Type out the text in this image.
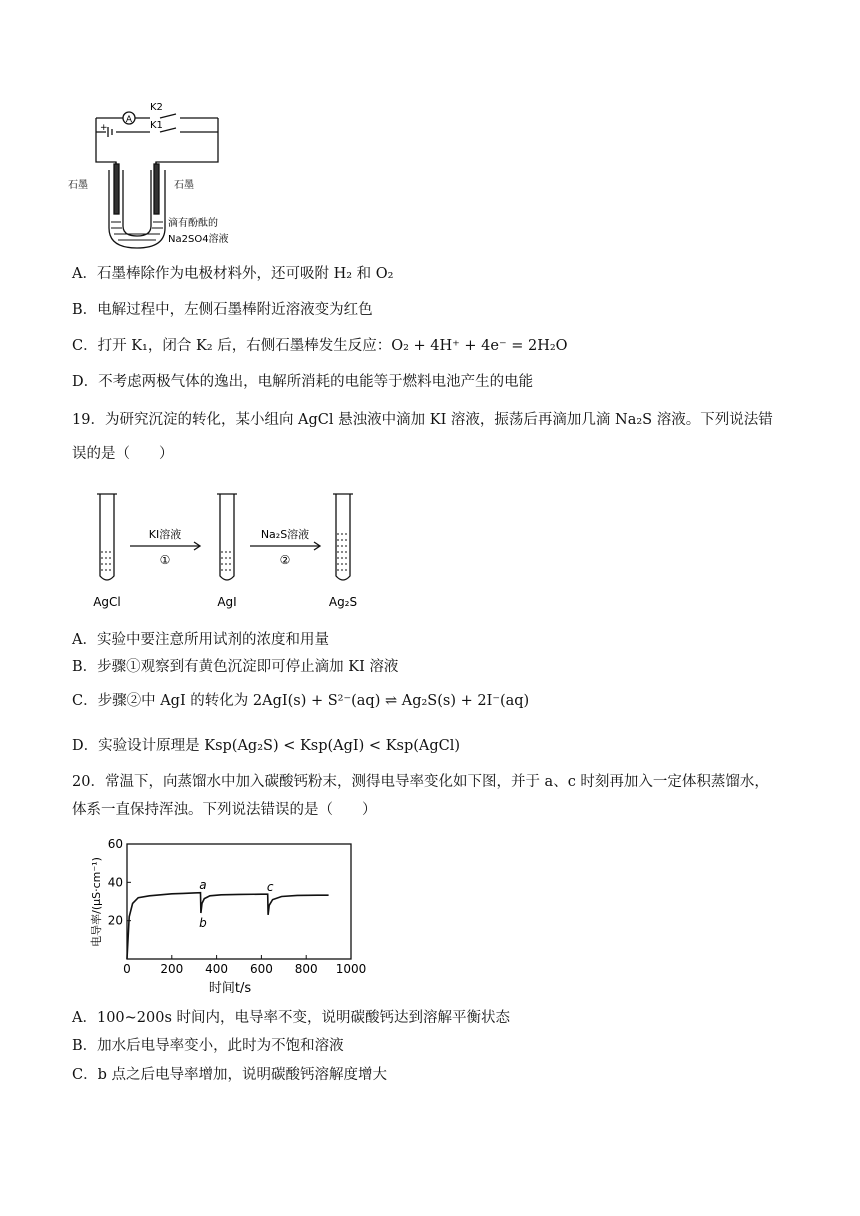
A
K2
K1
+
石墨	石墨
滴有酚酞的
Na2SO4溶液
A．石墨棒除作为电极材料外，还可吸附 H₂ 和 O₂
B．电解过程中，左侧石墨棒附近溶液变为红色
C．打开 K₁，闭合 K₂ 后，右侧石墨棒发生反应：O₂ + 4H⁺ + 4e⁻ = 2H₂O
D．不考虑两极气体的逸出，电解所消耗的电能等于燃料电池产生的电能
19．为研究沉淀的转化，某小组向 AgCl 悬浊液中滴加 KI 溶液，振荡后再滴加几滴 Na₂S 溶液。下列说法错
误的是（　　）
KI溶液
①
Na₂S溶液
②
AgCl	AgI	Ag₂S
A．实验中要注意所用试剂的浓度和用量
B．步骤①观察到有黄色沉淀即可停止滴加 KI 溶液
C．步骤②中 AgI 的转化为 2AgI(s) + S²⁻(aq) ⇌ Ag₂S(s) + 2I⁻(aq)
D．实验设计原理是 Ksp(Ag₂S) < Ksp(AgI) < Ksp(AgCl)
20．常温下，向蒸馏水中加入碳酸钙粉末，测得电导率变化如下图，并于 a、c 时刻再加入一定体积蒸馏水，
体系一直保持浑浊。下列说法错误的是（　　）
0 200 400 600 800 1000
20
40
60
a
b
c
时间t/s
电导率/(μS·cm⁻¹)
A．100~200s 时间内，电导率不变，说明碳酸钙达到溶解平衡状态
B．加水后电导率变小，此时为不饱和溶液
C．b 点之后电导率增加，说明碳酸钙溶解度增大
